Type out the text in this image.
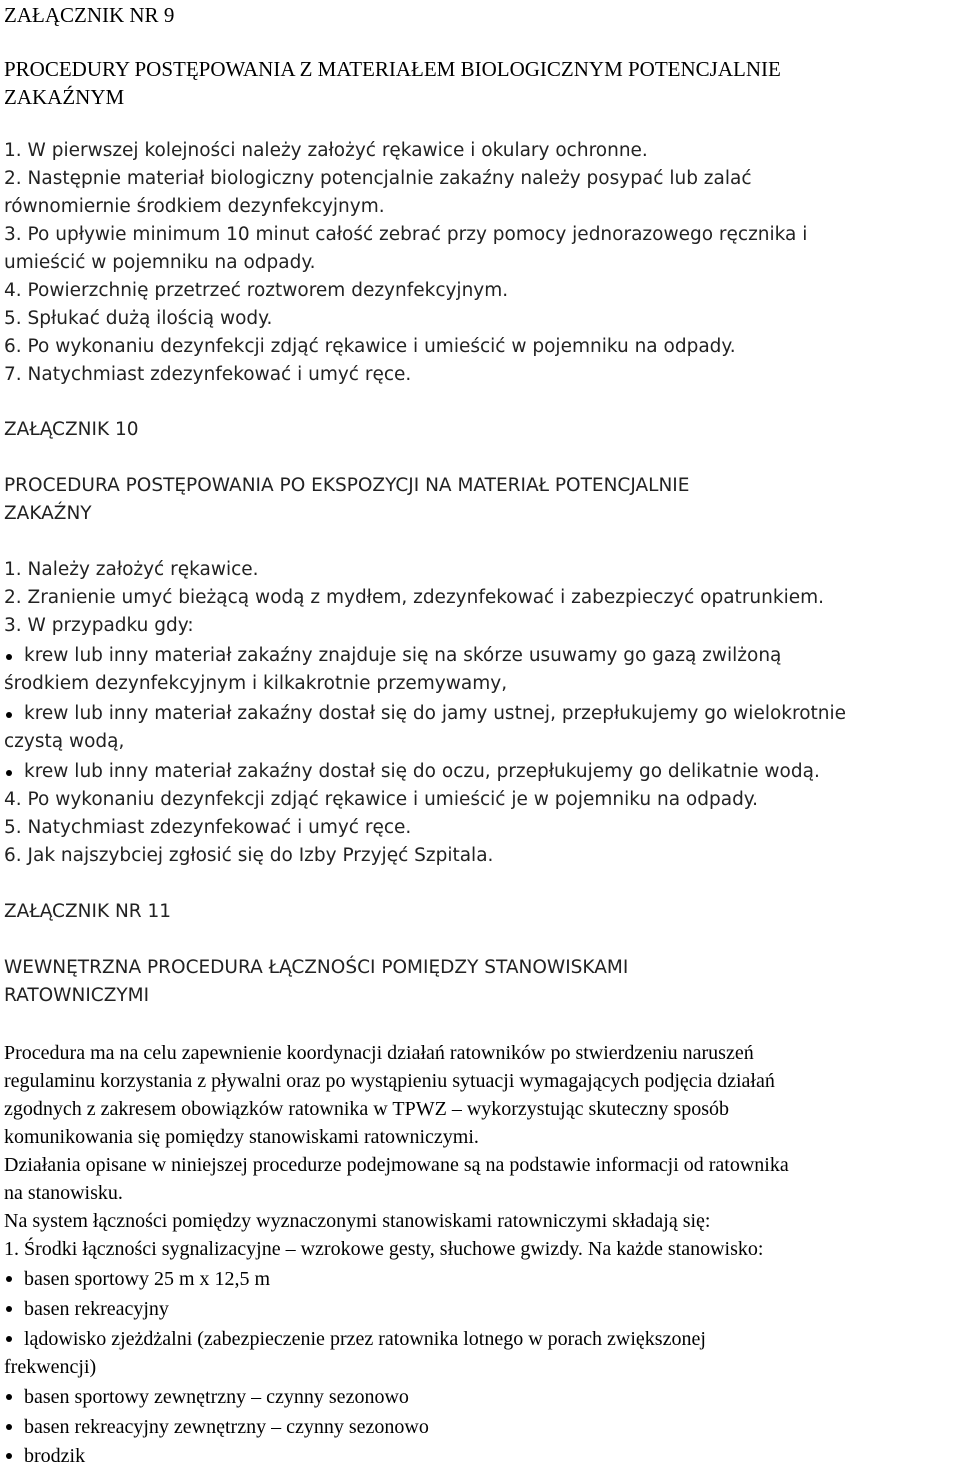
ZAŁĄCZNIK NR 9
PROCEDURY POSTĘPOWANIA Z MATERIAŁEM BIOLOGICZNYM POTENCJALNIE
ZAKAŹNYM
1. W pierwszej kolejności należy założyć rękawice i okulary ochronne.
2. Następnie materiał biologiczny potencjalnie zakaźny należy posypać lub zalać
równomiernie środkiem dezynfekcyjnym.
3. Po upływie minimum 10 minut całość zebrać przy pomocy jednorazowego ręcznika i
umieścić w pojemniku na odpady.
4. Powierzchnię przetrzeć roztworem dezynfekcyjnym.
5. Spłukać dużą ilością wody.
6. Po wykonaniu dezynfekcji zdjąć rękawice i umieścić w pojemniku na odpady.
7. Natychmiast zdezynfekować i umyć ręce.
ZAŁĄCZNIK 10
PROCEDURA POSTĘPOWANIA PO EKSPOZYCJI NA MATERIAŁ POTENCJALNIE
ZAKAŹNY
1. Należy założyć rękawice.
2. Zranienie umyć bieżącą wodą z mydłem, zdezynfekować i zabezpieczyć opatrunkiem.
3. W przypadku gdy:
krew lub inny materiał zakaźny znajduje się na skórze usuwamy go gazą zwilżoną
środkiem dezynfekcyjnym i kilkakrotnie przemywamy,
krew lub inny materiał zakaźny dostał się do jamy ustnej, przepłukujemy go wielokrotnie
czystą wodą,
krew lub inny materiał zakaźny dostał się do oczu, przepłukujemy go delikatnie wodą.
4. Po wykonaniu dezynfekcji zdjąć rękawice i umieścić je w pojemniku na odpady.
5. Natychmiast zdezynfekować i umyć ręce.
6. Jak najszybciej zgłosić się do Izby Przyjęć Szpitala.
ZAŁĄCZNIK NR 11
WEWNĘTRZNA PROCEDURA ŁĄCZNOŚCI POMIĘDZY STANOWISKAMI
RATOWNICZYMI
Procedura ma na celu zapewnienie koordynacji działań ratowników po stwierdzeniu naruszeń
regulaminu korzystania z pływalni oraz po wystąpieniu sytuacji wymagających podjęcia działań
zgodnych z zakresem obowiązków ratownika w TPWZ – wykorzystując skuteczny sposób
komunikowania się pomiędzy stanowiskami ratowniczymi.
Działania opisane w niniejszej procedurze podejmowane są na podstawie informacji od ratownika
na stanowisku.
Na system łączności pomiędzy wyznaczonymi stanowiskami ratowniczymi składają się:
1. Środki łączności sygnalizacyjne – wzrokowe gesty, słuchowe gwizdy. Na każde stanowisko:
basen sportowy 25 m x 12,5 m
basen rekreacyjny
lądowisko zjeżdżalni (zabezpieczenie przez ratownika lotnego w porach zwiększonej
frekwencji)
basen sportowy zewnętrzny – czynny sezonowo
basen rekreacyjny zewnętrzny – czynny sezonowo
brodzik
